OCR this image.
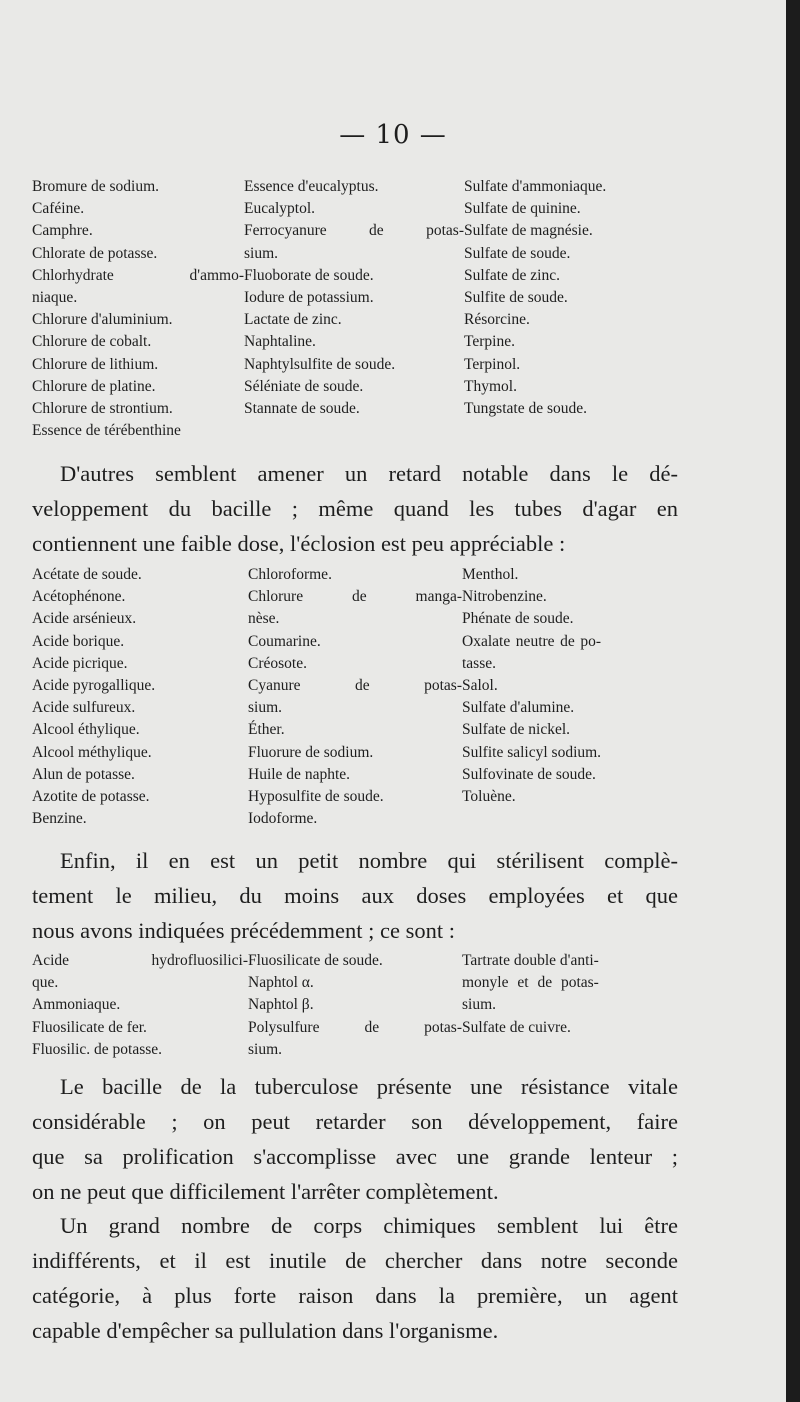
— 10 —
Bromure de sodium.
Caféine.
Camphre.
Chlorate de potasse.
Chlorhydrate d'ammo-
niaque.
Chlorure d'aluminium.
Chlorure de cobalt.
Chlorure de lithium.
Chlorure de platine.
Chlorure de strontium.
Essence de térébenthine
Essence d'eucalyptus.
Eucalyptol.
Ferrocyanure de potas-
sium.
Fluoborate de soude.
Iodure de potassium.
Lactate de zinc.
Naphtaline.
Naphtylsulfite de soude.
Séléniate de soude.
Stannate de soude.
Sulfate d'ammoniaque.
Sulfate de quinine.
Sulfate de magnésie.
Sulfate de soude.
Sulfate de zinc.
Sulfite de soude.
Résorcine.
Terpine.
Terpinol.
Thymol.
Tungstate de soude.
D'autres semblent amener un retard notable dans le dé-
veloppement du bacille ; même quand les tubes d'agar en
contiennent une faible dose, l'éclosion est peu appréciable :
Acétate de soude.
Acétophénone.
Acide arsénieux.
Acide borique.
Acide picrique.
Acide pyrogallique.
Acide sulfureux.
Alcool éthylique.
Alcool méthylique.
Alun de potasse.
Azotite de potasse.
Benzine.
Chloroforme.
Chlorure de manga-
nèse.
Coumarine.
Créosote.
Cyanure de potas-
sium.
Éther.
Fluorure de sodium.
Huile de naphte.
Hyposulfite de soude.
Iodoforme.
Menthol.
Nitrobenzine.
Phénate de soude.
Oxalate neutre de po-
tasse.
Salol.
Sulfate d'alumine.
Sulfate de nickel.
Sulfite salicyl sodium.
Sulfovinate de soude.
Toluène.
Enfin, il en est un petit nombre qui stérilisent complè-
tement le milieu, du moins aux doses employées et que
nous avons indiquées précédemment ; ce sont :
Acide hydrofluosilici-
que.
Ammoniaque.
Fluosilicate de fer.
Fluosilic. de potasse.
Fluosilicate de soude.
Naphtol α.
Naphtol β.
Polysulfure de potas-
sium.
Tartrate double d'anti-
monyle et de potas-
sium.
Sulfate de cuivre.
Le bacille de la tuberculose présente une résistance vitale
considérable ; on peut retarder son développement, faire
que sa prolification s'accomplisse avec une grande lenteur ;
on ne peut que difficilement l'arrêter complètement.
Un grand nombre de corps chimiques semblent lui être
indifférents, et il est inutile de chercher dans notre seconde
catégorie, à plus forte raison dans la première, un agent
capable d'empêcher sa pullulation dans l'organisme.
